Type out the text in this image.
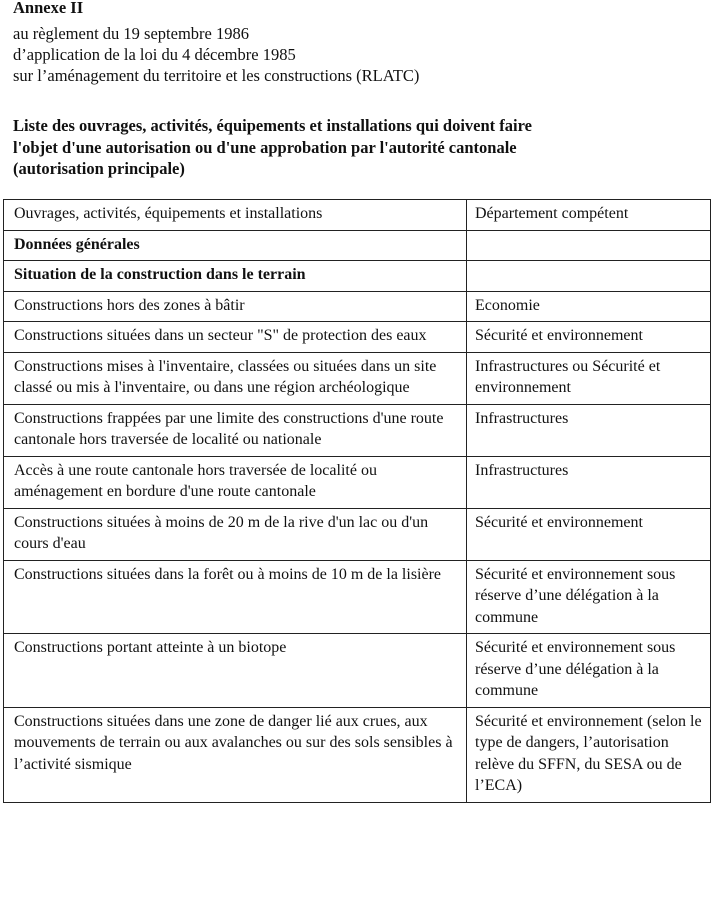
Annexe II
au règlement du 19 septembre 1986
d’application de la loi du 4 décembre 1985
sur l’aménagement du territoire et les constructions (RLATC)
Liste des ouvrages, activités, équipements et installations qui doivent faire
l'objet d'une autorisation ou d'une approbation par l'autorité cantonale
(autorisation principale)
Ouvrages, activités, équipements et installations	Département compétent
Données générales	
Situation de la construction dans le terrain	
Constructions hors des zones à bâtir	Economie
Constructions situées dans un secteur "S" de protection des eaux	Sécurité et environnement
Constructions mises à l'inventaire, classées ou situées dans un site classé ou mis à l'inventaire, ou dans une région archéologique	Infrastructures ou Sécurité et environnement

Constructions frappées par une limite des constructions d'une route cantonale hors traversée de localité ou nationale	Infrastructures
Accès à une route cantonale hors traversée de localité ou aménagement en bordure d'une route cantonale	Infrastructures
Constructions situées à moins de 20 m de la rive d'un lac ou d'un cours d'eau	Sécurité et environnement
Constructions situées dans la forêt ou à moins de 10 m de la lisière	Sécurité et environnement sous réserve d’une délégation à la commune
Constructions portant atteinte à un biotope	Sécurité et environnement sous réserve d’une délégation à la commune
Constructions situées dans une zone de danger lié aux crues, aux mouvements de terrain ou aux avalanches ou sur des sols sensibles à l’activité sismique	Sécurité et environnement (selon le type de dangers, l’autorisation relève du SFFN, du SESA ou de l’ECA)
